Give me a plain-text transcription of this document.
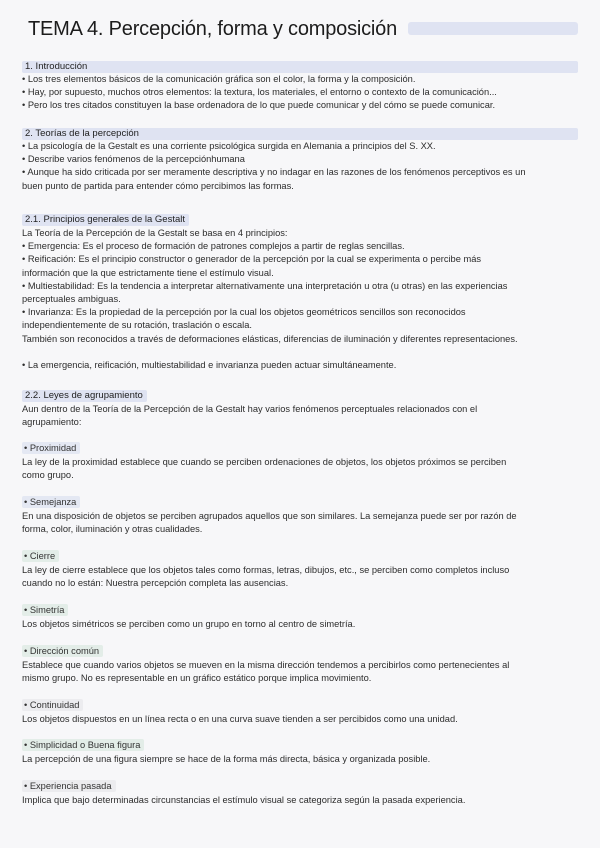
TEMA 4. Percepción, forma y composición
1. Introducción
• Los tres elementos básicos de la comunicación gráfica son el color, la forma y la composición.
• Hay, por supuesto, muchos otros elementos: la textura, los materiales, el entorno o contexto de la comunicación...
• Pero los tres citados constituyen la base ordenadora de lo que puede comunicar y del cómo se puede comunicar.
2. Teorías de la percepción
• La psicología de la Gestalt es una corriente psicológica surgida en Alemania a principios del S. XX.
• Describe varios fenómenos de la percepciónhumana
• Aunque ha sido criticada por ser meramente descriptiva y no indagar en las razones de los fenómenos perceptivos es un
buen punto de partida para entender cómo percibimos las formas.
2.1. Principios generales de la Gestalt
La Teoría de la Percepción de la Gestalt se basa en 4 principios:
• Emergencia: Es el proceso de formación de patrones complejos a partir de reglas sencillas.
• Reificación: Es el principio constructor o generador de la percepción por la cual se experimenta o percibe más
información que la que estrictamente tiene el estímulo visual.
• Multiestabilidad: Es la tendencia a interpretar alternativamente una interpretación u otra (u otras) en las experiencias
perceptuales ambiguas.
• Invarianza: Es la propiedad de la percepción por la cual los objetos geométricos sencillos son reconocidos
independientemente de su rotación, traslación o escala.
También son reconocidos a través de deformaciones elásticas, diferencias de iluminación y diferentes representaciones.
• La emergencia, reificación, multiestabilidad e invarianza pueden actuar simultáneamente.
2.2. Leyes de agrupamiento
Aun dentro de la Teoría de la Percepción de la Gestalt hay varios fenómenos perceptuales relacionados con el
agrupamiento:
• Proximidad
La ley de la proximidad establece que cuando se perciben ordenaciones de objetos, los objetos próximos se perciben
como grupo.
• Semejanza
En una disposición de objetos se perciben agrupados aquellos que son similares. La semejanza puede ser por razón de
forma, color, iluminación y otras cualidades.
• Cierre
La ley de cierre establece que los objetos tales como formas, letras, dibujos, etc., se perciben como completos incluso
cuando no lo están: Nuestra percepción completa las ausencias.
• Simetría
Los objetos simétricos se perciben como un grupo en torno al centro de simetría.
• Dirección común
Establece que cuando varios objetos se mueven en la misma dirección tendemos a percibirlos como pertenecientes al
mismo grupo. No es representable en un gráfico estático porque implica movimiento.
• Continuidad
Los objetos dispuestos en un línea recta o en una curva suave tienden a ser percibidos como una unidad.
• Simplicidad o Buena figura
La percepción de una figura siempre se hace de la forma más directa, básica y organizada posible.
• Experiencia pasada
Implica que bajo determinadas circunstancias el estímulo visual se categoriza según la pasada experiencia.
